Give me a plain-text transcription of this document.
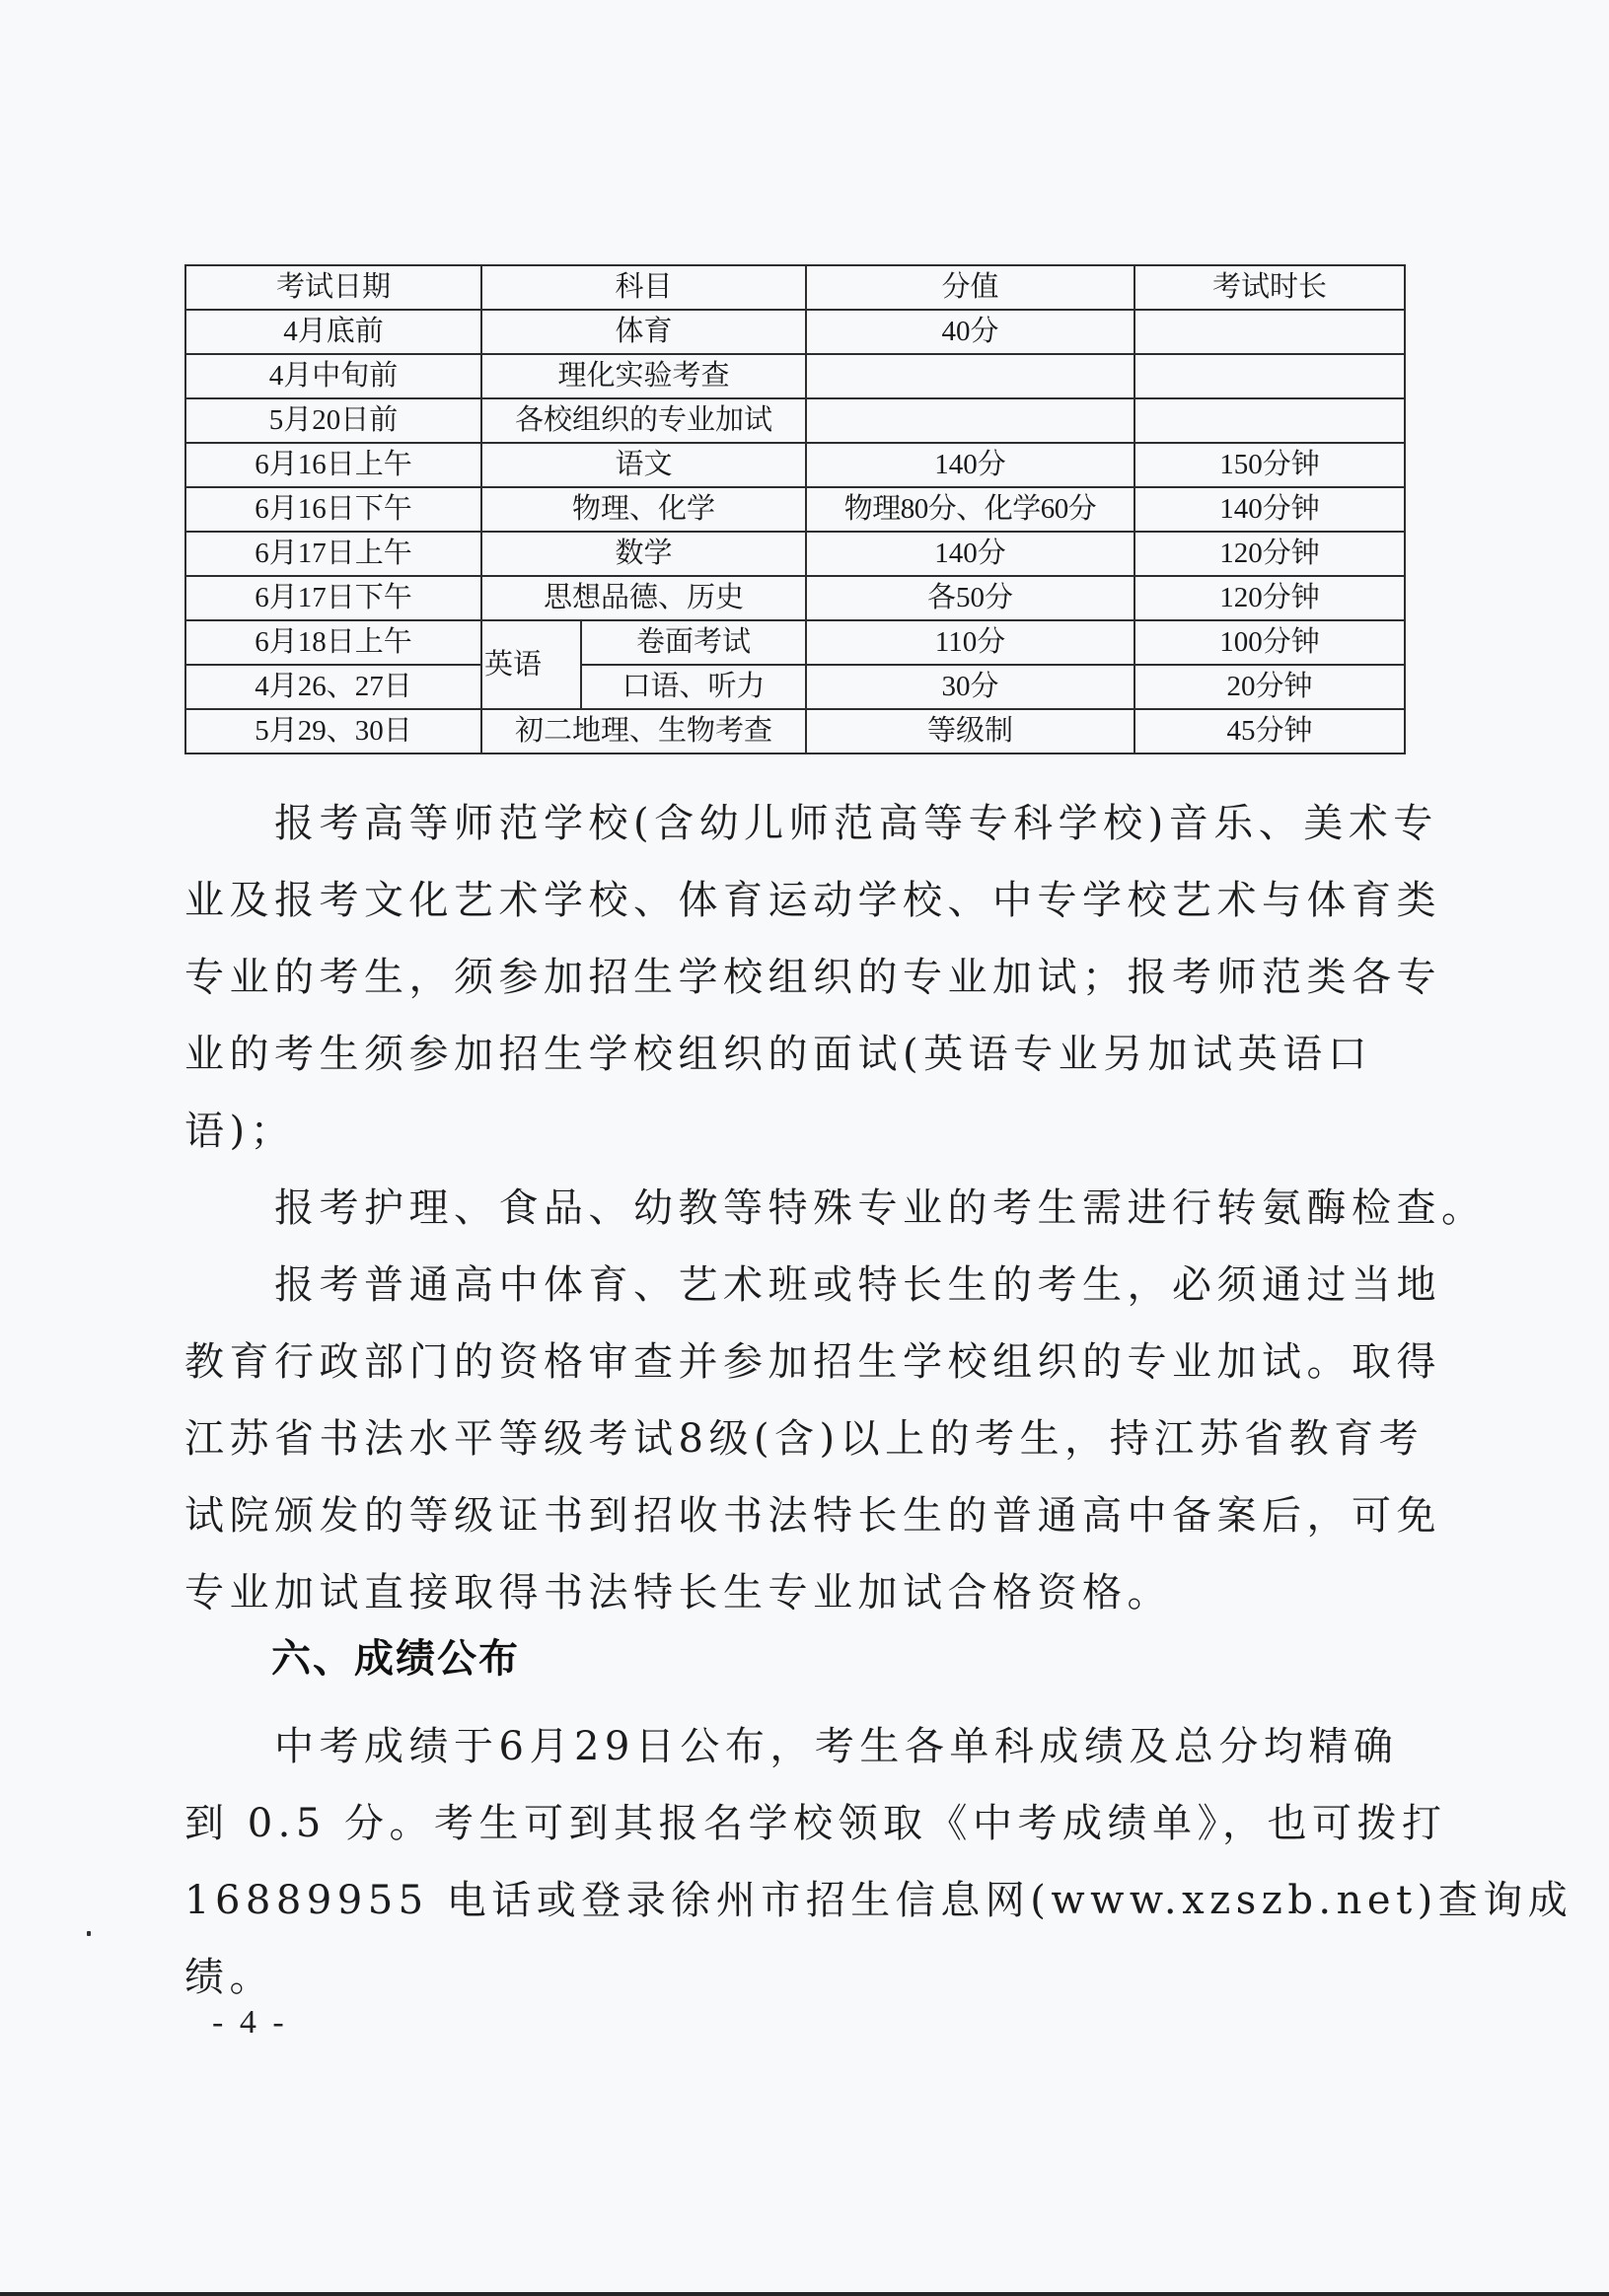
考试日期	科目		分值	考试时长
4月底前	体育		40分	
4月中旬前	理化实验考查			
5月20日前	各校组织的专业加试			
6月16日上午	语文		140分	150分钟
6月16日下午	物理、化学		物理80分、化学60分	140分钟
6月17日上午	数学		140分	120分钟
6月17日下午	思想品德、历史		各50分	120分钟
6月18日上午	英语	卷面考试	110分	100分钟
4月26、27日		口语、听力	30分	20分钟
5月29、30日	初二地理、生物考查		等级制	45分钟
　　报考高等师范学校(含幼儿师范高等专科学校)音乐、美术专
业及报考文化艺术学校、体育运动学校、中专学校艺术与体育类
专业的考生，须参加招生学校组织的专业加试；报考师范类各专
业的考生须参加招生学校组织的面试(英语专业另加试英语口
语)；
　　报考护理、食品、幼教等特殊专业的考生需进行转氨酶检查。
　　报考普通高中体育、艺术班或特长生的考生，必须通过当地
教育行政部门的资格审查并参加招生学校组织的专业加试。取得
江苏省书法水平等级考试8级(含)以上的考生，持江苏省教育考
试院颁发的等级证书到招收书法特长生的普通高中备案后，可免
专业加试直接取得书法特长生专业加试合格资格。
六、成绩公布
　　中考成绩于6月29日公布，考生各单科成绩及总分均精确
到 0.5 分。考生可到其报名学校领取《中考成绩单》，也可拨打
16889955 电话或登录徐州市招生信息网(www.xzszb.net)查询成
绩。
- 4 -
